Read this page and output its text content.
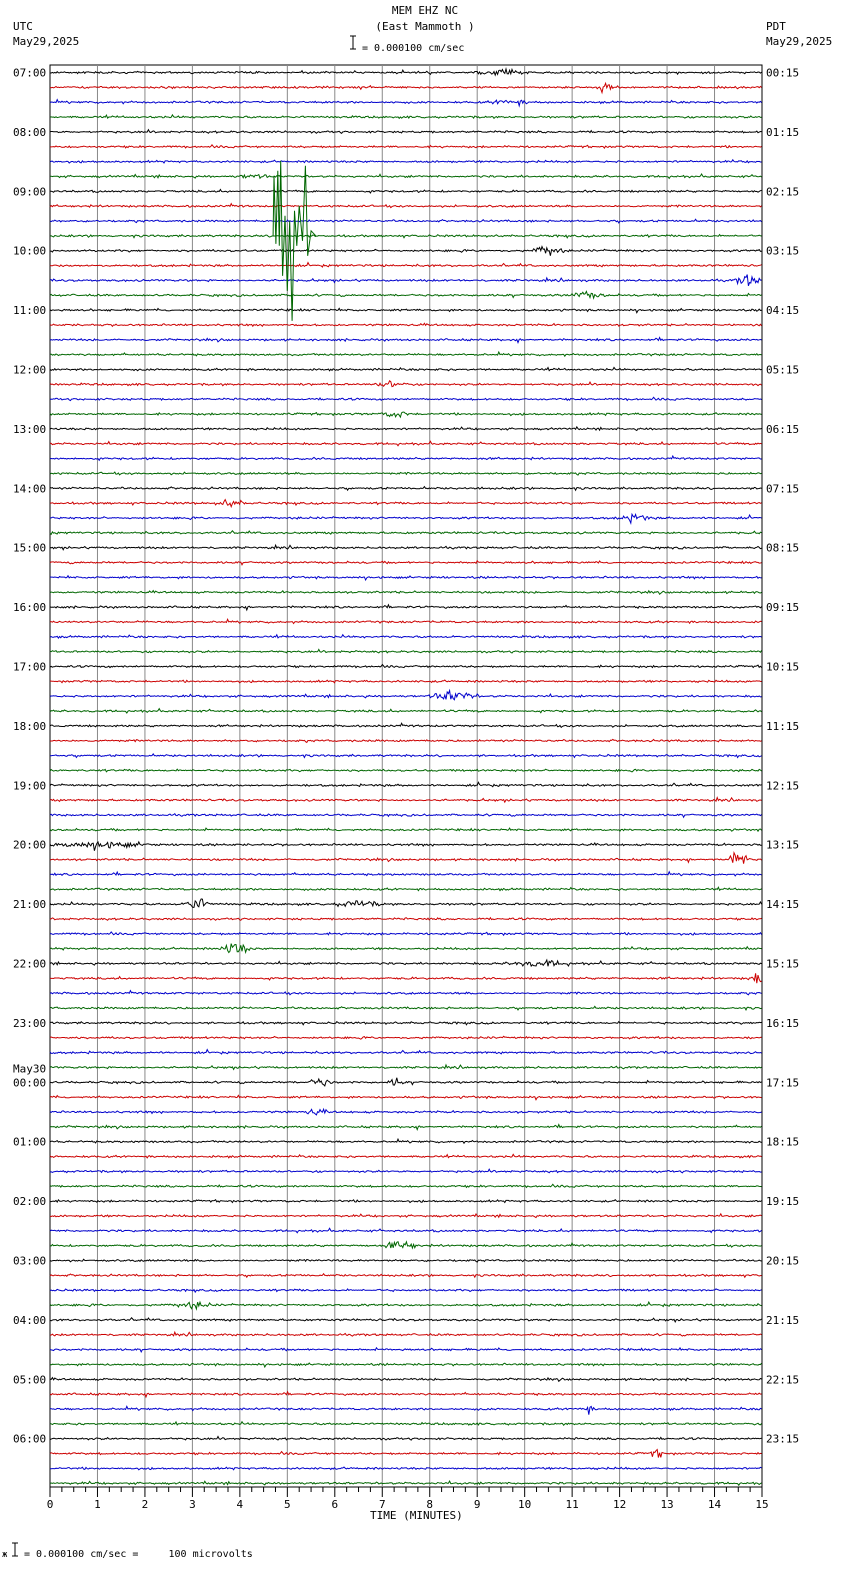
MEM EHZ NC
(East Mammoth )

= 0.000100 cm/sec
UTC
May29,2025
PDT
May29,2025
0	1	2	3	4	5	6	7	8	9	10	11	12	13	14	15
07:00
08:00
09:00
10:00
11:00
12:00
13:00
14:00
15:00
16:00
17:00
18:00
19:00
20:00
21:00
22:00
23:00
00:00
01:00
02:00
03:00
04:00
05:00
06:00
00:15
01:15
02:15
03:15
04:15
05:15
06:15
07:15
08:15
09:15
10:15
11:15
12:15
13:15
14:15
15:15
16:15
17:15
18:15
19:15
20:15
21:15
22:15
23:15
May30
TIME (MINUTES)
ж

= 0.000100 cm/sec =     100 microvolts
